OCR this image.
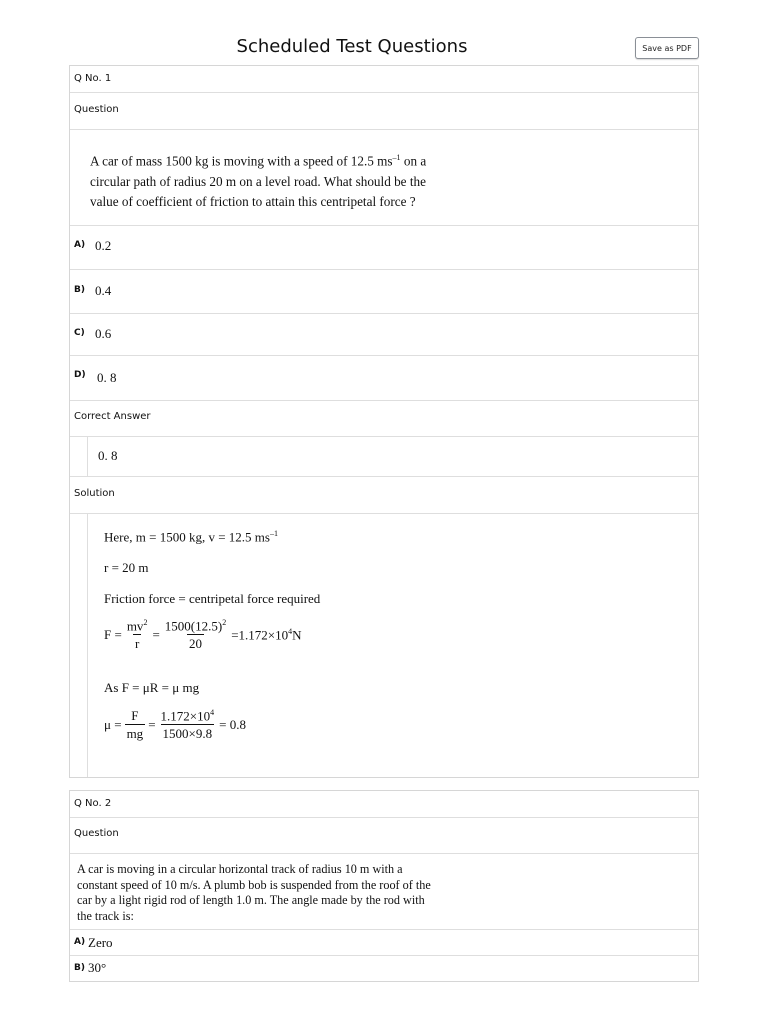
Scheduled Test Questions	Save as PDF
Q No. 1
Question
A car of mass 1500 kg is moving with a speed of 12.5 $ms^{-1}$ on a
circular path of radius 20 m on a level road. What should be the
value of coefficient of friction to attain this centripetal force ?
A) 0.2
B) 0.4
C) 0.6
D) 0. 8
Correct Answer
0. 8
Solution
Here, m = 1500 kg, v = 12.5 $ms^{-1}$
r = 20 m
Friction force = centripetal force required
$F = \frac{mv^2}{r} = \frac{1500(12.5)^2}{20} =1.172\times 10^4N$
As F = μR = μ mg
$\mu = \frac{F}{mg} = \frac{1.172\times 10^4}{1500\times 9.8} = 0.8$
Q No. 2
Question
A car is moving in a circular horizontal track of radius 10 m with a
constant speed of 10 m/s. A plumb bob is suspended from the roof of the
car by a light rigid rod of length 1.0 m. The angle made by the rod with
the track is:
A) Zero
B) 30°
